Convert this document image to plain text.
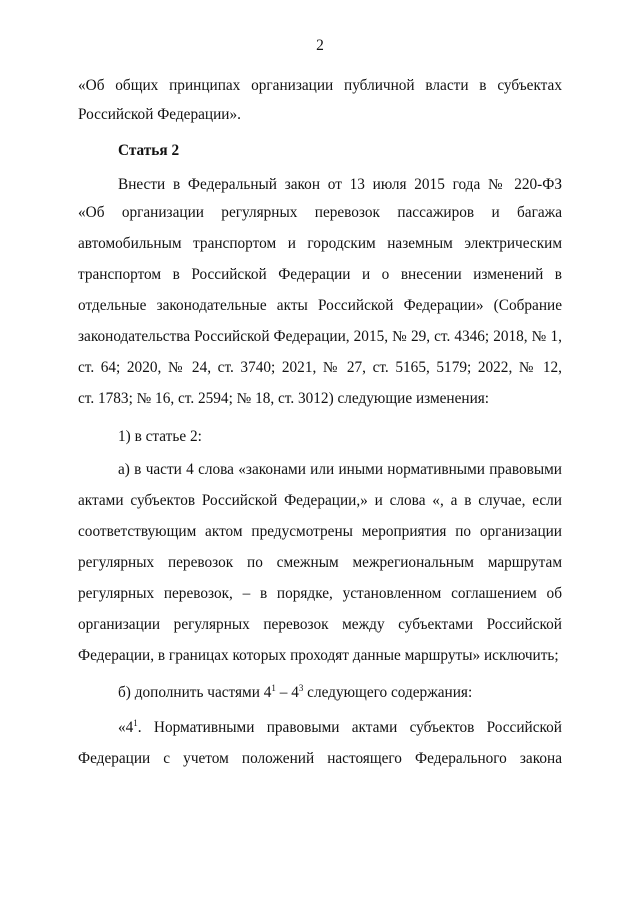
2
«Об общих принципах организации публичной власти в субъектах
Российской Федерации».
Статья 2
Внести в Федеральный закон от 13 июля 2015 года № 220-ФЗ
«Об организации регулярных перевозок пассажиров и багажа
автомобильным транспортом и городским наземным электрическим
транспортом в Российской Федерации и о внесении изменений в
отдельные законодательные акты Российской Федерации» (Собрание
законодательства Российской Федерации, 2015, № 29, ст. 4346; 2018, № 1,
ст. 64; 2020, № 24, ст. 3740; 2021, № 27, ст. 5165, 5179; 2022, № 12,
ст. 1783; № 16, ст. 2594; № 18, ст. 3012) следующие изменения:
1) в статье 2:
а) в части 4 слова «законами или иными нормативными правовыми
актами субъектов Российской Федерации,» и слова «, а в случае, если
соответствующим актом предусмотрены мероприятия по организации
регулярных перевозок по смежным межрегиональным маршрутам
регулярных перевозок, – в порядке, установленном соглашением об
организации регулярных перевозок между субъектами Российской
Федерации, в границах которых проходят данные маршруты» исключить;
б) дополнить частями $4^1 - 4^3$ следующего содержания:
«$4^1$. Нормативными правовыми актами субъектов Российской
Федерации с учетом положений настоящего Федерального закона
